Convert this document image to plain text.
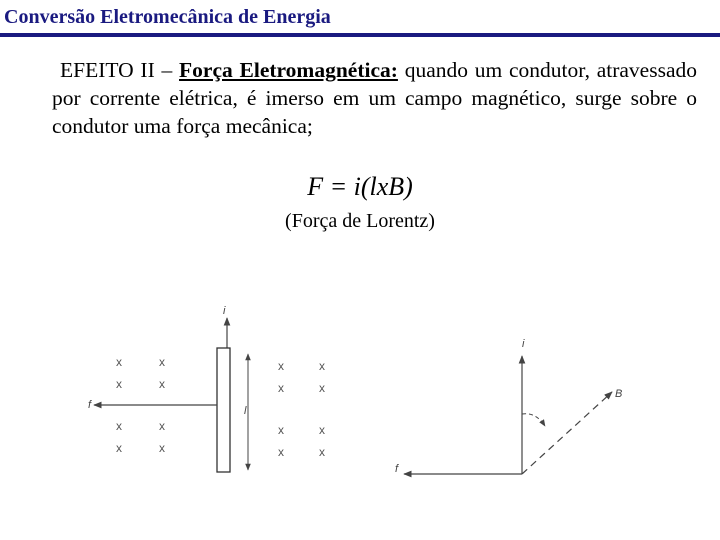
Conversão Eletromecânica de Energia
EFEITO II – Força Eletromagnética: quando um condutor, atravessado por corrente elétrica, é imerso em um campo magnético, surge sobre o condutor uma força mecânica;
F = i(lxB)
(Força de Lorentz)
x	x
x	x
x	x
x	x
x	x
x	x
x	x
x	x
i
f	l
i
f
B
